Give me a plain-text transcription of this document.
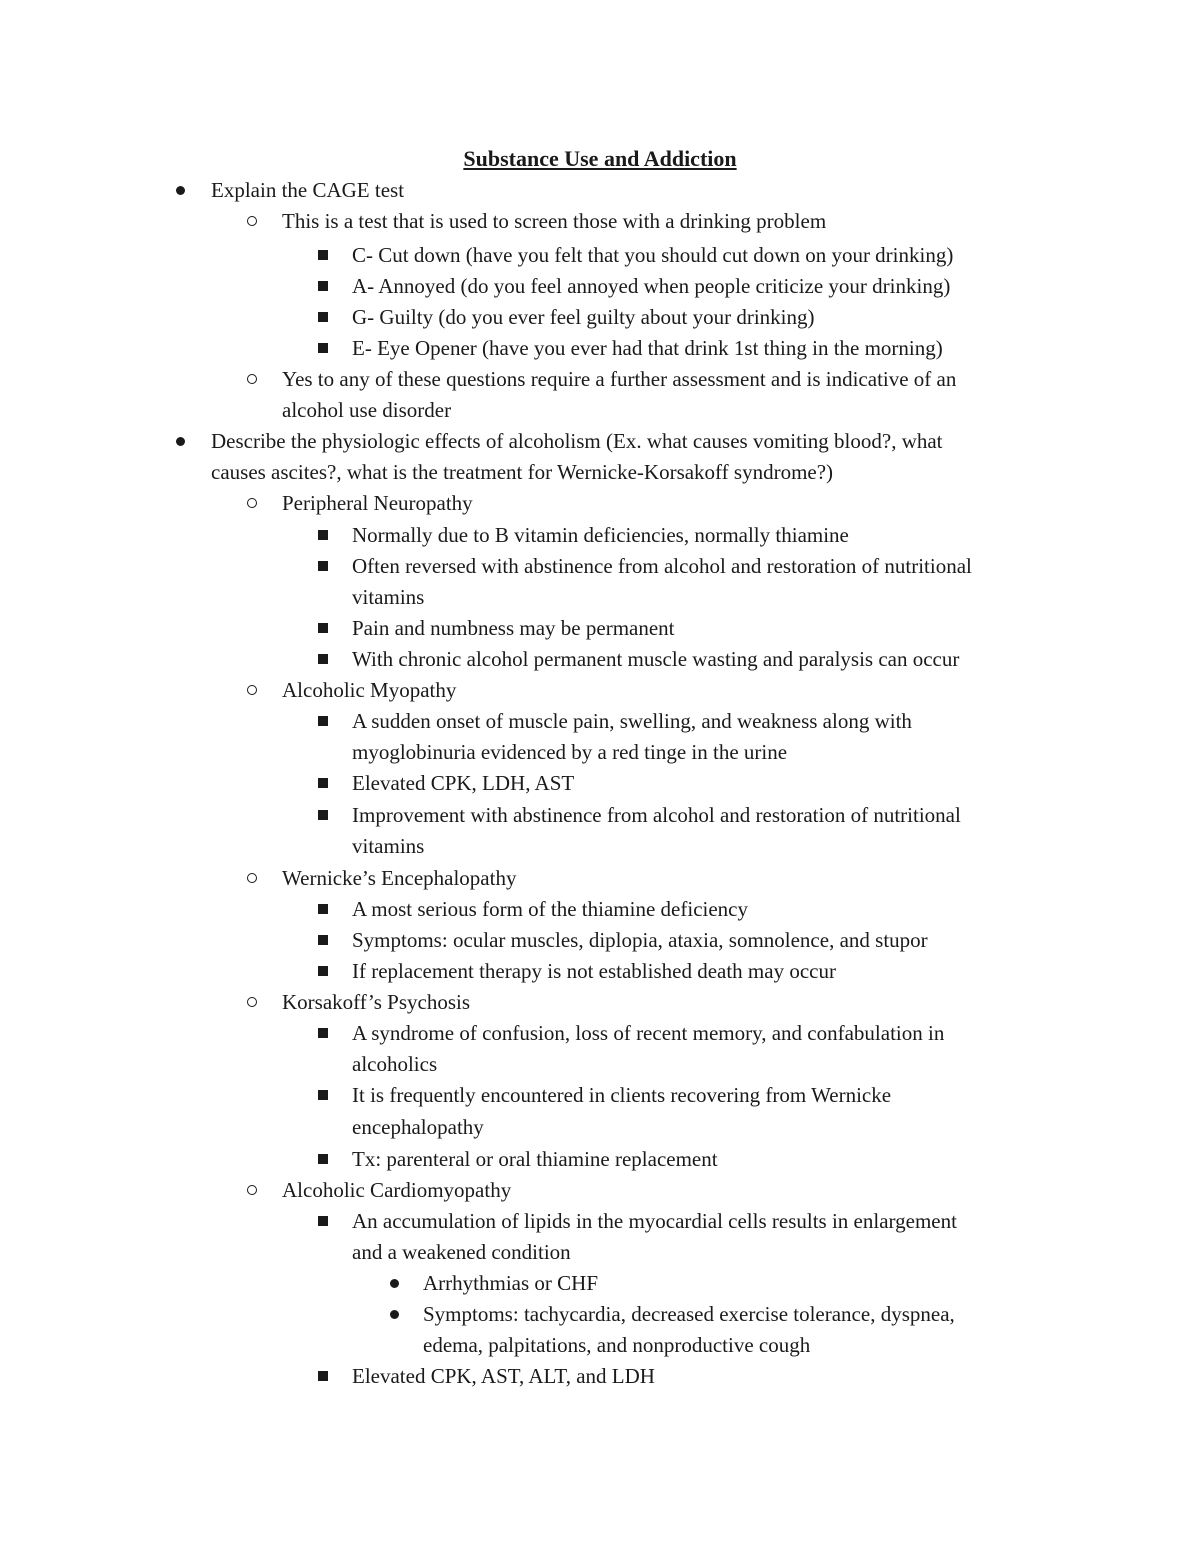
Substance Use and Addiction
Explain the CAGE test
This is a test that is used to screen those with a drinking problem
C- Cut down (have you felt that you should cut down on your drinking)
A- Annoyed (do you feel annoyed when people criticize your drinking)
G- Guilty (do you ever feel guilty about your drinking)
E- Eye Opener (have you ever had that drink 1st thing in the morning)
Yes to any of these questions require a further assessment and is indicative of an
alcohol use disorder
Describe the physiologic effects of alcoholism (Ex. what causes vomiting blood?, what
causes ascites?, what is the treatment for Wernicke-Korsakoff syndrome?)
Peripheral Neuropathy
Normally due to B vitamin deficiencies, normally thiamine
Often reversed with abstinence from alcohol and restoration of nutritional
vitamins
Pain and numbness may be permanent
With chronic alcohol permanent muscle wasting and paralysis can occur
Alcoholic Myopathy
A sudden onset of muscle pain, swelling, and weakness along with
myoglobinuria evidenced by a red tinge in the urine
Elevated CPK, LDH, AST
Improvement with abstinence from alcohol and restoration of nutritional
vitamins
Wernicke’s Encephalopathy
A most serious form of the thiamine deficiency
Symptoms: ocular muscles, diplopia, ataxia, somnolence, and stupor
If replacement therapy is not established death may occur
Korsakoff’s Psychosis
A syndrome of confusion, loss of recent memory, and confabulation in
alcoholics
It is frequently encountered in clients recovering from Wernicke
encephalopathy
Tx: parenteral or oral thiamine replacement
Alcoholic Cardiomyopathy
An accumulation of lipids in the myocardial cells results in enlargement
and a weakened condition
Arrhythmias or CHF
Symptoms: tachycardia, decreased exercise tolerance, dyspnea,
edema, palpitations, and nonproductive cough
Elevated CPK, AST, ALT, and LDH
